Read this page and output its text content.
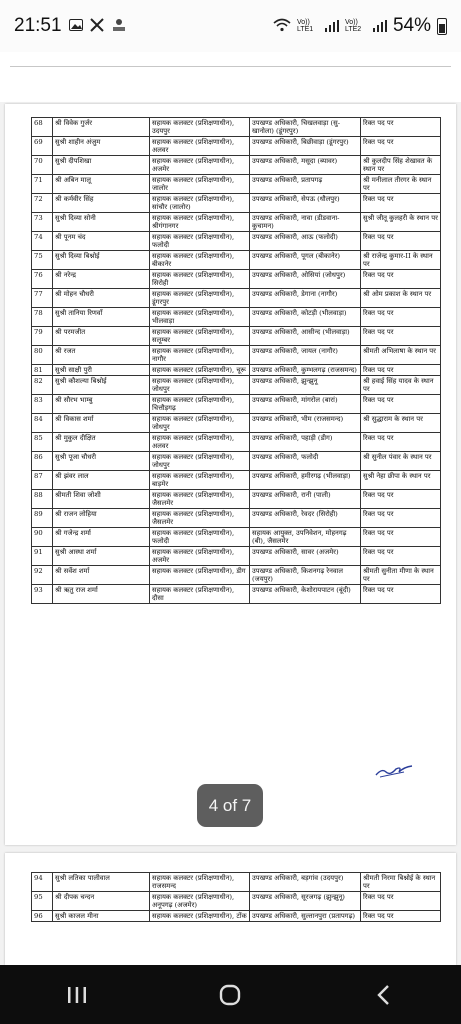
21:51	Vo)) LTE1
Vo)) LTE2	54%
68	श्री विवेक गुर्जर	सहायक कलक्टर (प्रशिक्षणाधीन), उदयपुर	उपखण्ड अधिकारी, चिखलवाड़ा (सु-खानोला) (डूंगरपुर)	रिक्त पद पर
69	सुश्री शाहीन अंजुम	सहायक कलक्टर (प्रशिक्षणाधीन), अलवर	उपखण्ड अधिकारी, बिछीवाड़ा (डूंगरपुर)	रिक्त पद पर
70	सुश्री दीपशिखा	सहायक कलक्टर (प्रशिक्षणाधीन), अजमेर	उपखण्ड अधिकारी, मसूदा (ब्यावर)	श्री कुलदीप सिंह शेखावत के स्थान पर
71	श्री अबिन मालू	सहायक कलक्टर (प्रशिक्षणाधीन), जालोर	उपखण्ड अधिकारी, प्रतापगढ़	श्री मनीलाल तीरगर के स्थान पर
72	श्री कर्मवीर सिंह	सहायक कलक्टर (प्रशिक्षणाधीन), सांचौर (जालोर)	उपखण्ड अधिकारी, सेपऊ (धौलपुर)	रिक्त पद पर
73	सुश्री दिव्या सोनी	सहायक कलक्टर (प्रशिक्षणाधीन), श्रीगंगानगर	उपखण्ड अधिकारी, नावा (डीडवाना-कुचामन)	सुश्री जीतू कुलहरी के स्थान पर
74	श्री पूनम चंद	सहायक कलक्टर (प्रशिक्षणाधीन), फलोदी	उपखण्ड अधिकारी, आऊ (फलोदी)	रिक्त पद पर
75	सुश्री दिव्या बिश्नोई	सहायक कलक्टर (प्रशिक्षणाधीन), बीकानेर	उपखण्ड अधिकारी, पूगल (बीकानेर)	श्री राजेन्द्र कुमार-II के स्थान पर
76	श्री नरेन्द्र	सहायक कलक्टर (प्रशिक्षणाधीन), सिरोही	उपखण्ड अधिकारी, ओसियां (जोधपुर)	रिक्त पद पर
77	श्री मोहन चौधरी	सहायक कलक्टर (प्रशिक्षणाधीन), डूंगरपुर	उपखण्ड अधिकारी, डेगाना (नागौर)	श्री ओम प्रकाश के स्थान पर
78	सुश्री तानिया रिणवाँ	सहायक कलक्टर (प्रशिक्षणाधीन), भीलवाड़ा	उपखण्ड अधिकारी, कोटड़ी (भीलवाड़ा)	रिक्त पद पर
79	श्री परमजीत	सहायक कलक्टर (प्रशिक्षणाधीन), सलूम्बर	उपखण्ड अधिकारी, आसीन्द (भीलवाड़ा)	रिक्त पद पर
80	श्री रजत	सहायक कलक्टर (प्रशिक्षणाधीन), नागौर	उपखण्ड अधिकारी, जायल (नागौर)	श्रीमती अभिलाषा के स्थान पर
81	सुश्री साक्षी पुरी	सहायक कलक्टर (प्रशिक्षणाधीन), चूरू	उपखण्ड अधिकारी, कुम्भलगढ़ (राजसमन्द)	रिक्त पद पर
82	सुश्री कौशल्या बिश्नोई	सहायक कलक्टर (प्रशिक्षणाधीन), जोधपुर	उपखण्ड अधिकारी, झुन्झुनू	श्री हवाई सिंह यादव के स्थान पर
83	श्री सौरभ भाम्बु	सहायक कलक्टर (प्रशिक्षणाधीन), चित्तौड़गढ़	उपखण्ड अधिकारी, मांगरोल (बारां)	रिक्त पद पर
84	श्री विकास शर्मा	सहायक कलक्टर (प्रशिक्षणाधीन), जोधपुर	उपखण्ड अधिकारी, भीम (राजसमन्द)	श्री सुद्धाराम के स्थान पर
85	श्री मुकुल दीक्षित	सहायक कलक्टर (प्रशिक्षणाधीन), अलवर	उपखण्ड अधिकारी, पहाड़ी (डीग)	रिक्त पद पर
86	सुश्री पूजा चौधरी	सहायक कलक्टर (प्रशिक्षणाधीन), जोधपुर	उपखण्ड अधिकारी, फलोदी	श्री सुनील पंवार के स्थान पर
87	श्री झंवर लाल	सहायक कलक्टर (प्रशिक्षणाधीन), बाड़मेर	उपखण्ड अधिकारी, हमीरगढ़ (भीलवाड़ा)	सुश्री नेहा छीपा के स्थान पर
88	श्रीमती शिवा जोशी	सहायक कलक्टर (प्रशिक्षणाधीन), जैसलमेर	उपखण्ड अधिकारी, रानी (पाली)	रिक्त पद पर
89	श्री राजन लोहिया	सहायक कलक्टर (प्रशिक्षणाधीन), जैसलमेर	उपखण्ड अधिकारी, रेवदर (सिरोही)	रिक्त पद पर
90	श्री गजेन्द्र शर्मा	सहायक कलक्टर (प्रशिक्षणाधीन), फलोदी	सहायक आयुक्त, उपनिवेशन, मोहनगढ़ (बी), जैसलमेर	रिक्त पद पर
91	सुश्री आस्था शर्मा	सहायक कलक्टर (प्रशिक्षणाधीन), अजमेर	उपखण्ड अधिकारी, सावर (अजमेर)	रिक्त पद पर
92	श्री सर्वेश शर्मा	सहायक कलक्टर (प्रशिक्षणाधीन), डीग	उपखण्ड अधिकारी, किशनगढ़ रेनवाल (जयपुर)	श्रीमती सुनीता मीणा के स्थान पर
93	श्री ऋतु राज शर्मा	सहायक कलक्टर (प्रशिक्षणाधीन), दौसा	उपखण्ड अधिकारी, केशोरायपाटन (बूंदी)	रिक्त पद पर
4 of 7
94	सुश्री लतिका पालीवाल	सहायक कलक्टर (प्रशिक्षणाधीन), राजसमन्द	उपखण्ड अधिकारी, बड़गांव (उदयपुर)	श्रीमती निरमा बिश्नोई के स्थान पर
95	श्री दीपक चन्दन	सहायक कलक्टर (प्रशिक्षणाधीन), अनूपगढ़ (अजमेर)	उपखण्ड अधिकारी, सूरजगढ़ (झुन्झुनू)	रिक्त पद पर
96	सुश्री काजल मीना	सहायक कलक्टर (प्रशिक्षणाधीन), टोंक	उपखण्ड अधिकारी, सुल्तानपुरा (प्रतापगढ़)	रिक्त पद पर
